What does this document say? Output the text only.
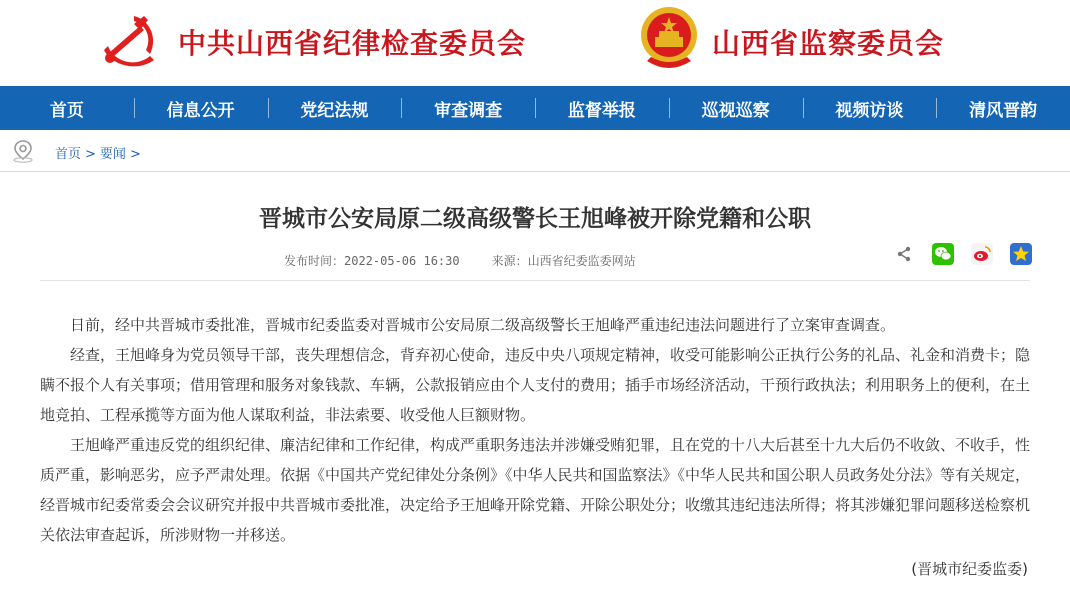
中共山西省纪律检查委员会	山西省监察委员会
首页	信息公开	党纪法规	审查调查	监督举报	巡视巡察	视频访谈	清风晋韵
首页 > 要闻 >
晋城市公安局原二级高级警长王旭峰被开除党籍和公职
发布时间：2022-05-06 16:30	来源：山西省纪委监委网站

日前，经中共晋城市委批准，晋城市纪委监委对晋城市公安局原二级高级警长王旭峰严重违纪违法问题进行了立案审查调查。

经查，王旭峰身为党员领导干部，丧失理想信念，背弃初心使命，违反中央八项规定精神，收受可能影响公正执行公务的礼品、礼金和消费卡；隐瞒不报个人有关事项；借用管理和服务对象钱款、车辆，公款报销应由个人支付的费用；插手市场经济活动，干预行政执法；利用职务上的便利，在土地竞拍、工程承揽等方面为他人谋取利益，非法索要、收受他人巨额财物。

王旭峰严重违反党的组织纪律、廉洁纪律和工作纪律，构成严重职务违法并涉嫌受贿犯罪，且在党的十八大后甚至十九大后仍不收敛、不收手，性质严重，影响恶劣，应予严肃处理。依据《中国共产党纪律处分条例》《中华人民共和国监察法》《中华人民共和国公职人员政务处分法》等有关规定，经晋城市纪委常委会会议研究并报中共晋城市委批准，决定给予王旭峰开除党籍、开除公职处分；收缴其违纪违法所得；将其涉嫌犯罪问题移送检察机关依法审查起诉，所涉财物一并移送。

(晋城市纪委监委)
